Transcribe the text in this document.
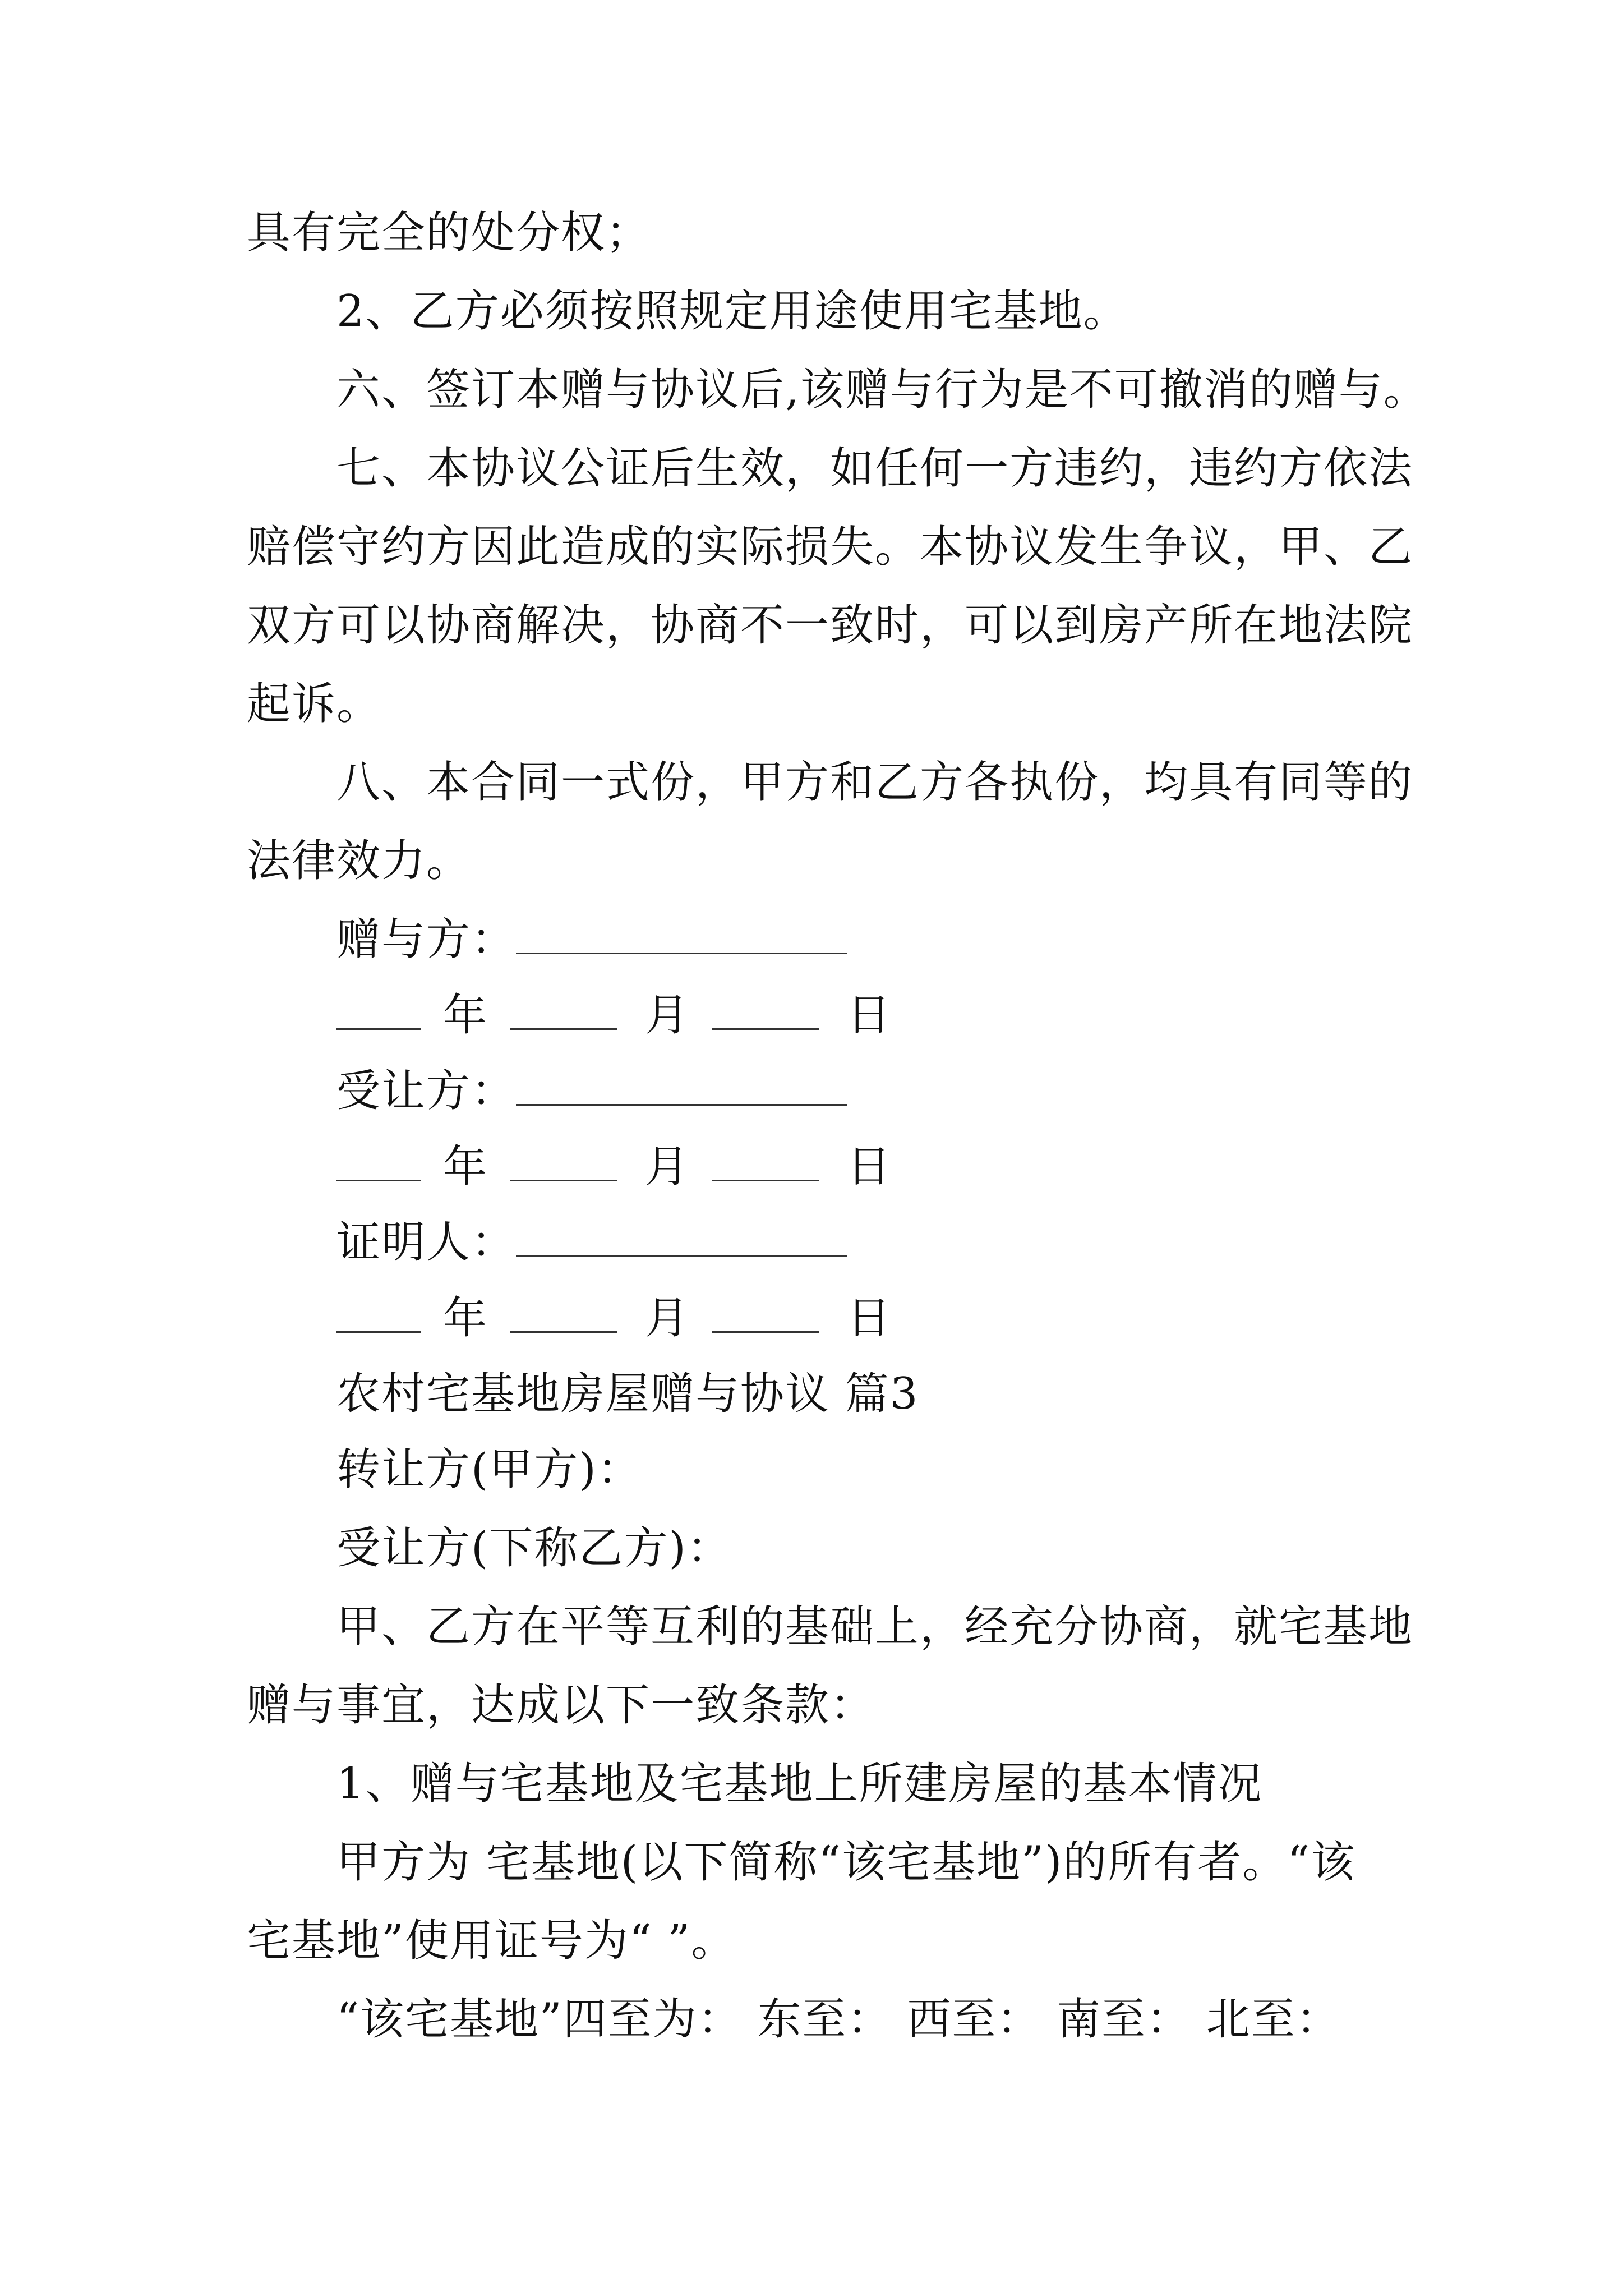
具有完全的处分权；
2、乙方必须按照规定用途使用宅基地。
六、签订本赠与协议后,该赠与行为是不可撤消的赠与。
七、本协议公证后生效，如任何一方违约，违约方依法
赔偿守约方因此造成的实际损失。本协议发生争议，甲、乙
双方可以协商解决，协商不一致时，可以到房产所在地法院
起诉。
八、本合同一式份，甲方和乙方各执份，均具有同等的
法律效力。
赠与方：
年	月	日
受让方：
年	月	日
证明人：
年	月	日
农村宅基地房屋赠与协议 篇3
转让方(甲方)：
受让方(下称乙方)：
甲、乙方在平等互利的基础上，经充分协商，就宅基地
赠与事宜，达成以下一致条款：
1、赠与宅基地及宅基地上所建房屋的基本情况
甲方为 宅基地(以下简称“该宅基地”)的所有者。“该
宅基地”使用证号为“ ”。
“该宅基地”四至为： 东至： 西至： 南至： 北至：
